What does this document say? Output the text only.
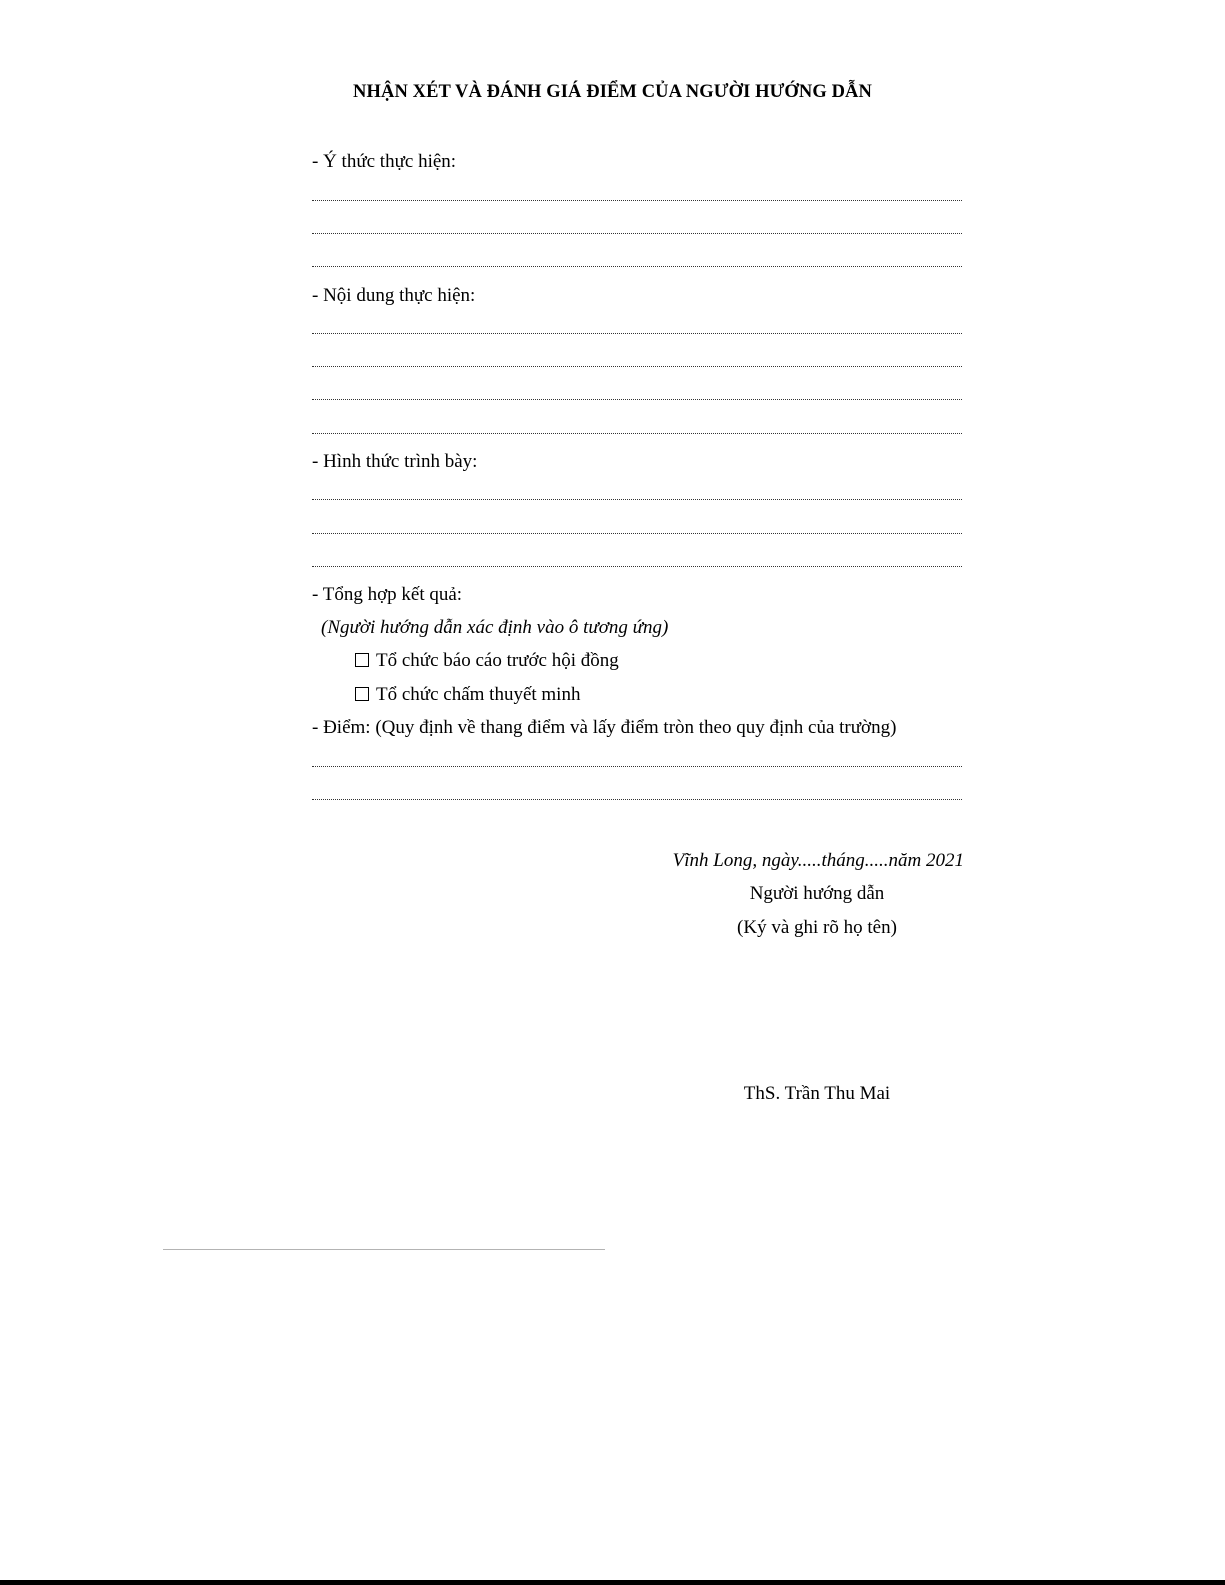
NHẬN XÉT VÀ ĐÁNH GIÁ ĐIỂM CỦA NGƯỜI HƯỚNG DẪN
- Ý thức thực hiện:
- Nội dung thực hiện:
- Hình thức trình bày:
- Tổng hợp kết quả:
(Người hướng dẫn xác định vào ô tương ứng)
Tổ chức báo cáo trước hội đồng
Tổ chức chấm thuyết minh
- Điểm: (Quy định về thang điểm và lấy điểm tròn theo quy định của trường)
Vĩnh Long, ngày.....tháng.....năm 2021
Người hướng dẫn
(Ký và ghi rõ họ tên)
ThS. Trần Thu Mai
